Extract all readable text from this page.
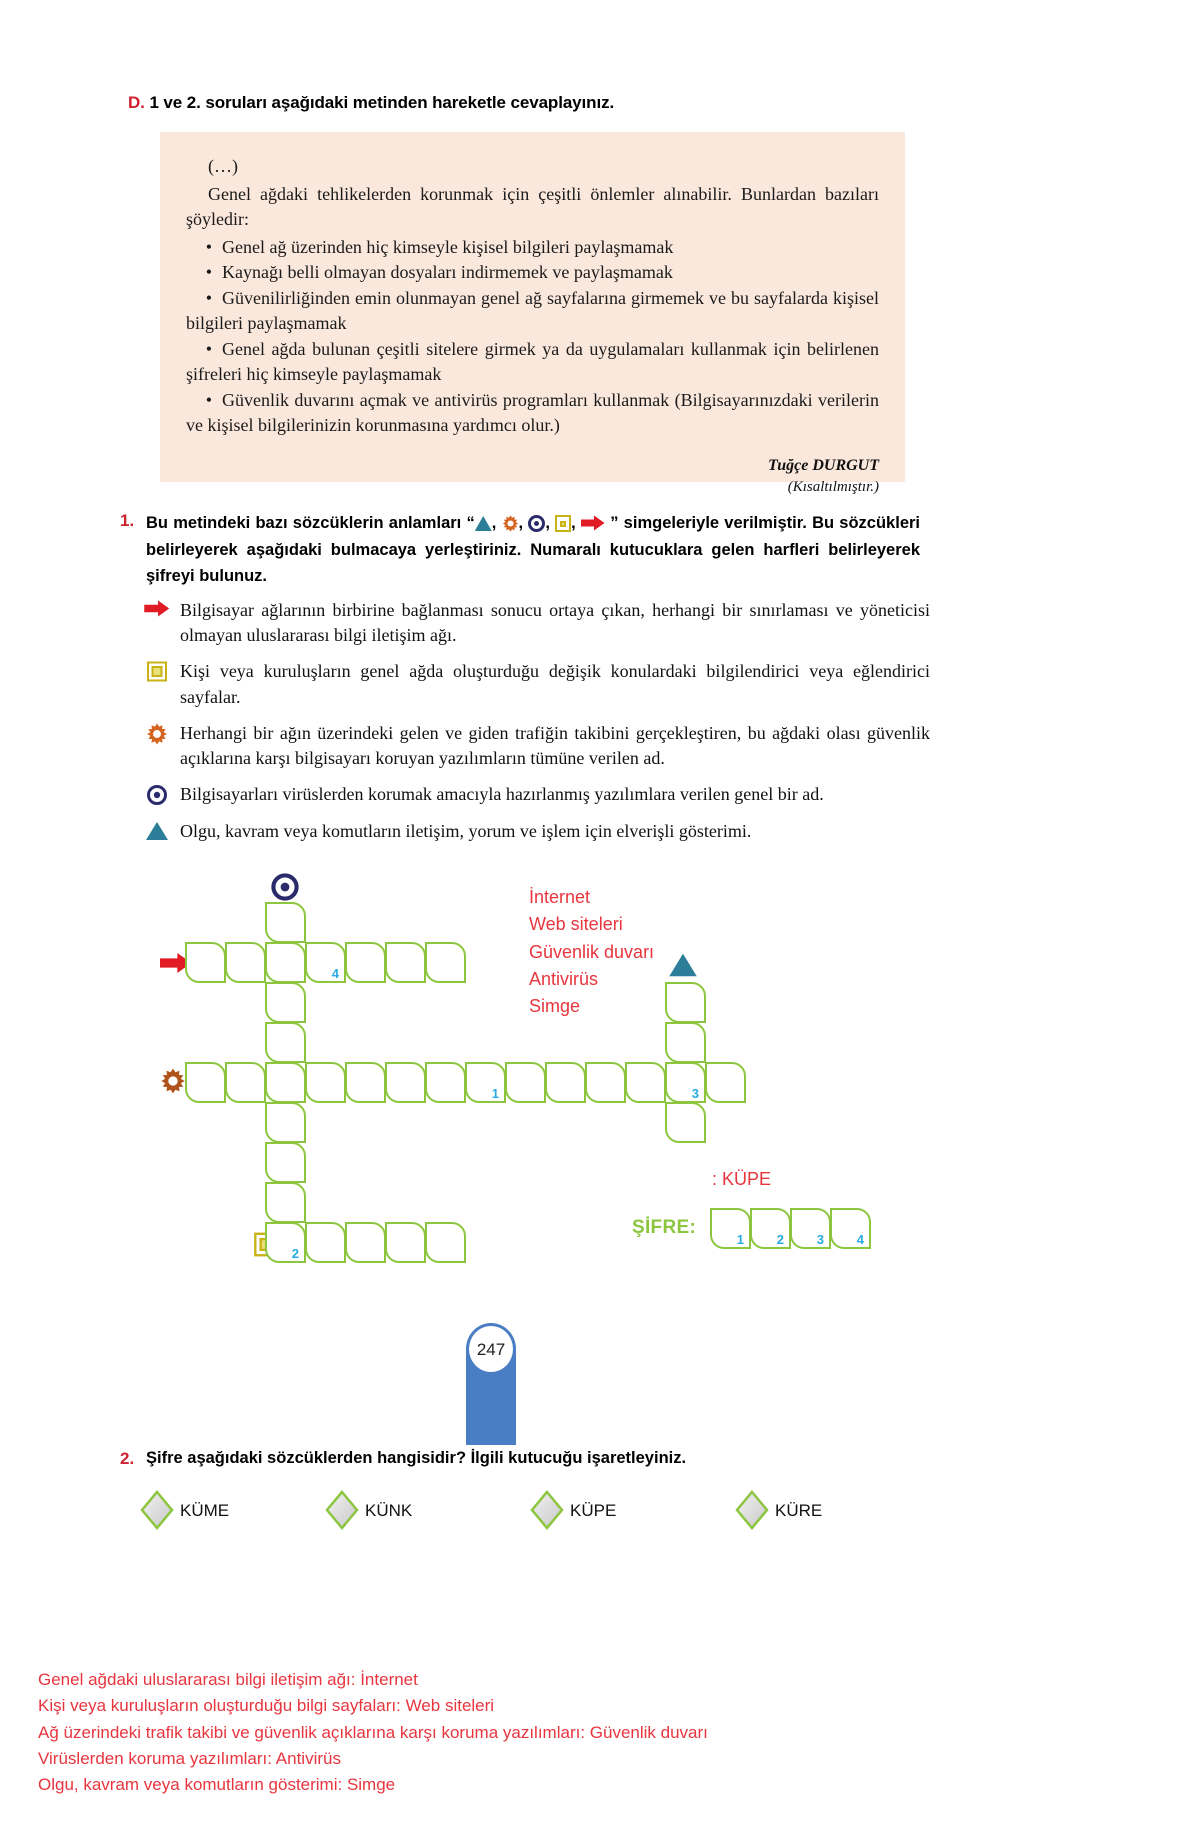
D. 1 ve 2. soruları aşağıdaki metinden hareketle cevaplayınız.
(…)
Genel ağdaki tehlikelerden korunmak için çeşitli önlemler alınabilir. Bunlardan bazıları şöyledir:
• Genel ağ üzerinden hiç kimseyle kişisel bilgileri paylaşmamak
• Kaynağı belli olmayan dosyaları indirmemek ve paylaşmamak
• Güvenilirliğinden emin olunmayan genel ağ sayfalarına girmemek ve bu sayfalarda kişisel bilgileri paylaşmamak
• Genel ağda bulunan çeşitli sitelere girmek ya da uygulamaları kullanmak için belirlenen şifreleri hiç kimseyle paylaşmamak
• Güvenlik duvarını açmak ve antivirüs programları kullanmak (Bilgisayarınızdaki verilerin ve kişisel bilgilerinizin korunmasına yardımcı olur.)
Tuğçe DURGUT
(Kısaltılmıştır.)
1. Bu metindeki bazı sözcüklerin anlamları “ , , , ,  ” simgeleriyle verilmiştir. Bu sözcükleri belirleyerek aşağıdaki bulmacaya yerleştiriniz. Numaralı kutucuklara gelen harfleri belirleyerek şifreyi bulunuz.
Bilgisayar ağlarının birbirine bağlanması sonucu ortaya çıkan, herhangi bir sınırlaması ve yöneticisi olmayan uluslararası bilgi iletişim ağı.
Kişi veya kuruluşların genel ağda oluşturduğu değişik konulardaki bilgilendirici veya eğlendirici sayfalar.
Herhangi bir ağın üzerindeki gelen ve giden trafiğin takibini gerçekleştiren, bu ağdaki olası güvenlik açıklarına karşı bilgisayarı koruyan yazılımların tümüne verilen ad.
Bilgisayarları virüslerden korumak amacıyla hazırlanmış yazılımlara verilen genel bir ad.
Olgu, kavram veya komutların iletişim, yorum ve işlem için elverişli gösterimi.
İnternet
Web siteleri
Güvenlik duvarı
Antivirüs
Simge
2
4
1	3
: KÜPE
ŞİFRE:
1	2	3	4
2. Şifre aşağıdaki sözcüklerden hangisidir? İlgili kutucuğu işaretleyiniz.
KÜME	KÜNK	KÜPE	KÜRE
247
Genel ağdaki uluslararası bilgi iletişim ağı: İnternet
Kişi veya kuruluşların oluşturduğu bilgi sayfaları: Web siteleri
Ağ üzerindeki trafik takibi ve güvenlik açıklarına karşı koruma yazılımları: Güvenlik duvarı
Virüslerden koruma yazılımları: Antivirüs
Olgu, kavram veya komutların gösterimi: Simge
